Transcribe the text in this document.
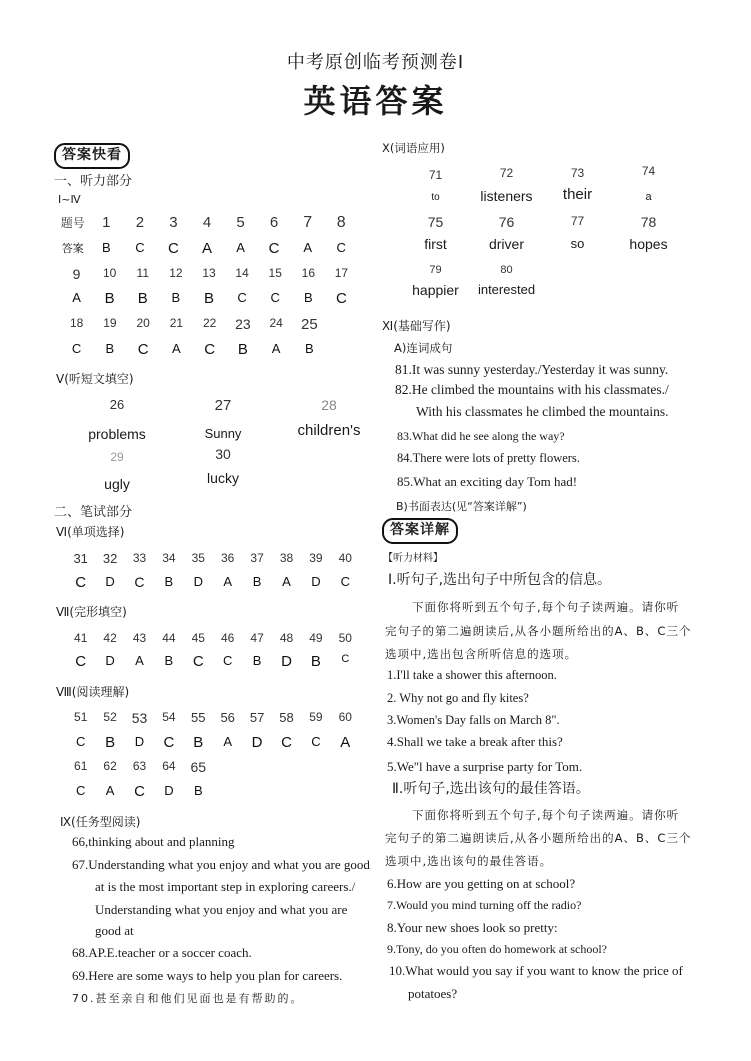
中考原创临考预测卷Ⅰ
英语答案
答案快看
一、听力部分
Ⅰ~Ⅳ
题号	1	2	3	4	5	6	7	8
答案	B	C	C	A	A	C	A	C
9	10	11	12	13	14	15	16	17
A	B	B	B	B	C	C	B	C
18	19	20	21	22	23	24	25
C	B	C	A	C	B	A	B
Ⅴ(听短文填空)
26	27	28
problems	Sunny	children's
29	30
ugly	lucky
二、笔试部分
Ⅵ(单项选择)
31	32	33	34	35	36	37	38	39	40
C	D	C	B	D	A	B	A	D	C
Ⅶ(完形填空)
41	42	43	44	45	46	47	48	49	50
C	D	A	B	C	C	B	D	B	C
Ⅷ(阅读理解)
51	52	53	54	55	56	57	58	59	60
C	B	D	C	B	A	D	C	C	A
61	62	63	64	65
C	A	C	D	B
Ⅸ(任务型阅读)
66,thinking about and planning
67.Understanding what you enjoy and what you are good
at is the most important step in exploring careers./
Understanding what you enjoy and what you are
good at
68.AP.E.teacher or a soccer coach.
69.Here are some ways to help you plan for careers.
70.甚至亲自和他们见面也是有帮助的。
Ⅹ(词语应用)
71	72	73	74
to	listeners	their	a
75	76	77	78
first	driver	so	hopes
79	80
happier	interested
Ⅺ(基础写作)
A)连词成句
81.It was sunny yesterday./Yesterday it was sunny.
82.He climbed the mountains with his classmates./
With his classmates he climbed the mountains.
83.What did he see along the way?
84.There were lots of pretty flowers.
85.What an exciting day Tom had!
B)书面表达(见“答案详解”)
答案详解
【听力材料】
Ⅰ.听句子,选出句子中所包含的信息。
下面你将听到五个句子,每个句子读两遍。请你听
完句子的第二遍朗读后,从各小题所给出的A、B、C三个
选项中,选出包含所听信息的选项。
1.I'll take a shower this afternoon.
2. Why not go and fly kites?
3.Women's Day falls on March 8".
4.Shall we take a break after this?
5.We"l have a surprise party for Tom.
Ⅱ.听句子,选出该句的最佳答语。
下面你将听到五个句子,每个句子读两遍。请你听
完句子的第二遍朗读后,从各小题所给出的A、B、C三个
选项中,选出该句的最佳答语。
6.How are you getting on at school?
7.Would you mind turning off the radio?
8.Your new shoes look so pretty:
9.Tony, do you often do homework at school?
10.What would you say if you want to know the price of
potatoes?
